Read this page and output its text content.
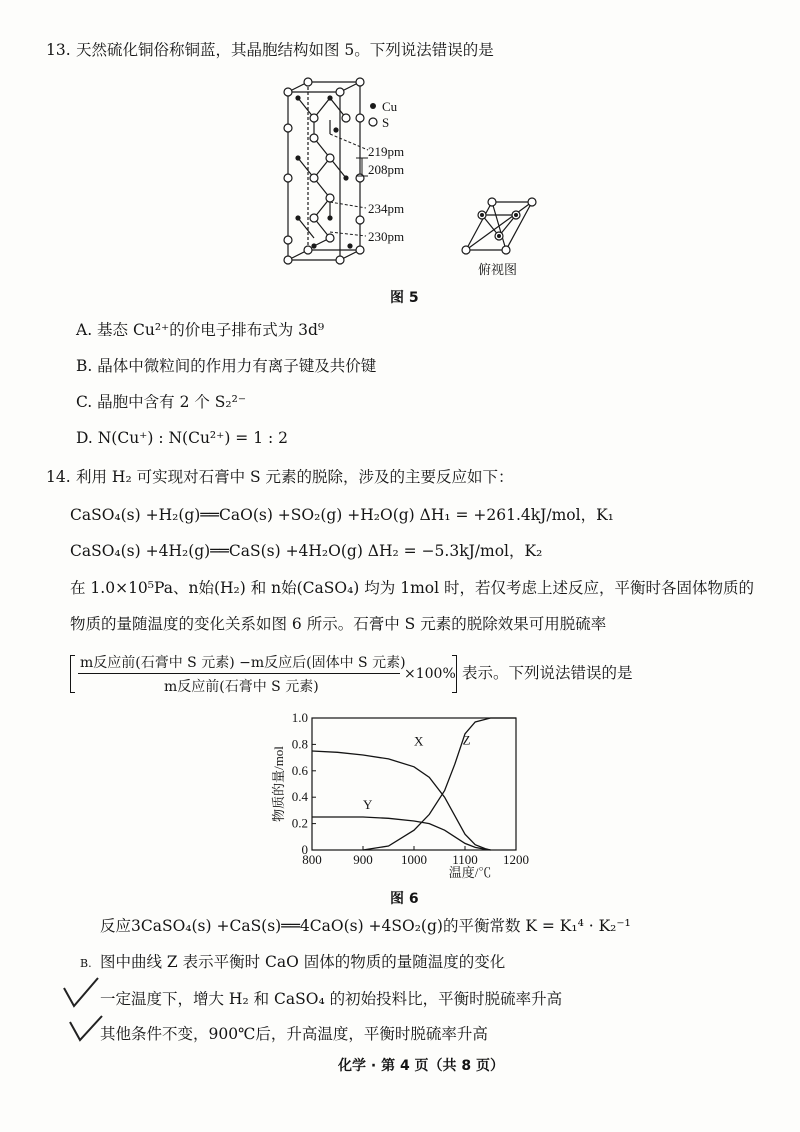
13. 天然硫化铜俗称铜蓝，其晶胞结构如图 5。下列说法错误的是
Cu
S
219pm
208pm
234pm
230pm
俯视图
图 5
A. 基态 Cu²⁺的价电子排布式为 3d⁹
B. 晶体中微粒间的作用力有离子键及共价键
C. 晶胞中含有 2 个 S₂²⁻
D. N(Cu⁺) : N(Cu²⁺) = 1 : 2
14. 利用 H₂ 可实现对石膏中 S 元素的脱除，涉及的主要反应如下：
CaSO₄(s) +H₂(g)══CaO(s) +SO₂(g) +H₂O(g) ΔH₁ = +261.4kJ/mol，K₁
CaSO₄(s) +4H₂(g)══CaS(s) +4H₂O(g) ΔH₂ = −5.3kJ/mol，K₂
在 1.0×10⁵Pa、n始(H₂) 和 n始(CaSO₄) 均为 1mol 时，若仅考虑上述反应，平衡时各固体物质的
物质的量随温度的变化关系如图 6 所示。石膏中 S 元素的脱除效果可用脱硫率
m反应前(石膏中 S 元素) −m反应后(固体中 S 元素)
m反应前(石膏中 S 元素)
×100% 表示。下列说法错误的是
800 900 1000 1100 1200
0
0.2
0.4
0.6
0.8
1.0
X
Y
Z
物质的量/mol
温度/℃
图 6
反应3CaSO₄(s) +CaS(s)══4CaO(s) +4SO₂(g)的平衡常数 K = K₁⁴ · K₂⁻¹
B. 图中曲线 Z 表示平衡时 CaO 固体的物质的量随温度的变化
一定温度下，增大 H₂ 和 CaSO₄ 的初始投料比，平衡时脱硫率升高
其他条件不变，900℃后，升高温度，平衡时脱硫率升高
化学 · 第 4 页（共 8 页）
